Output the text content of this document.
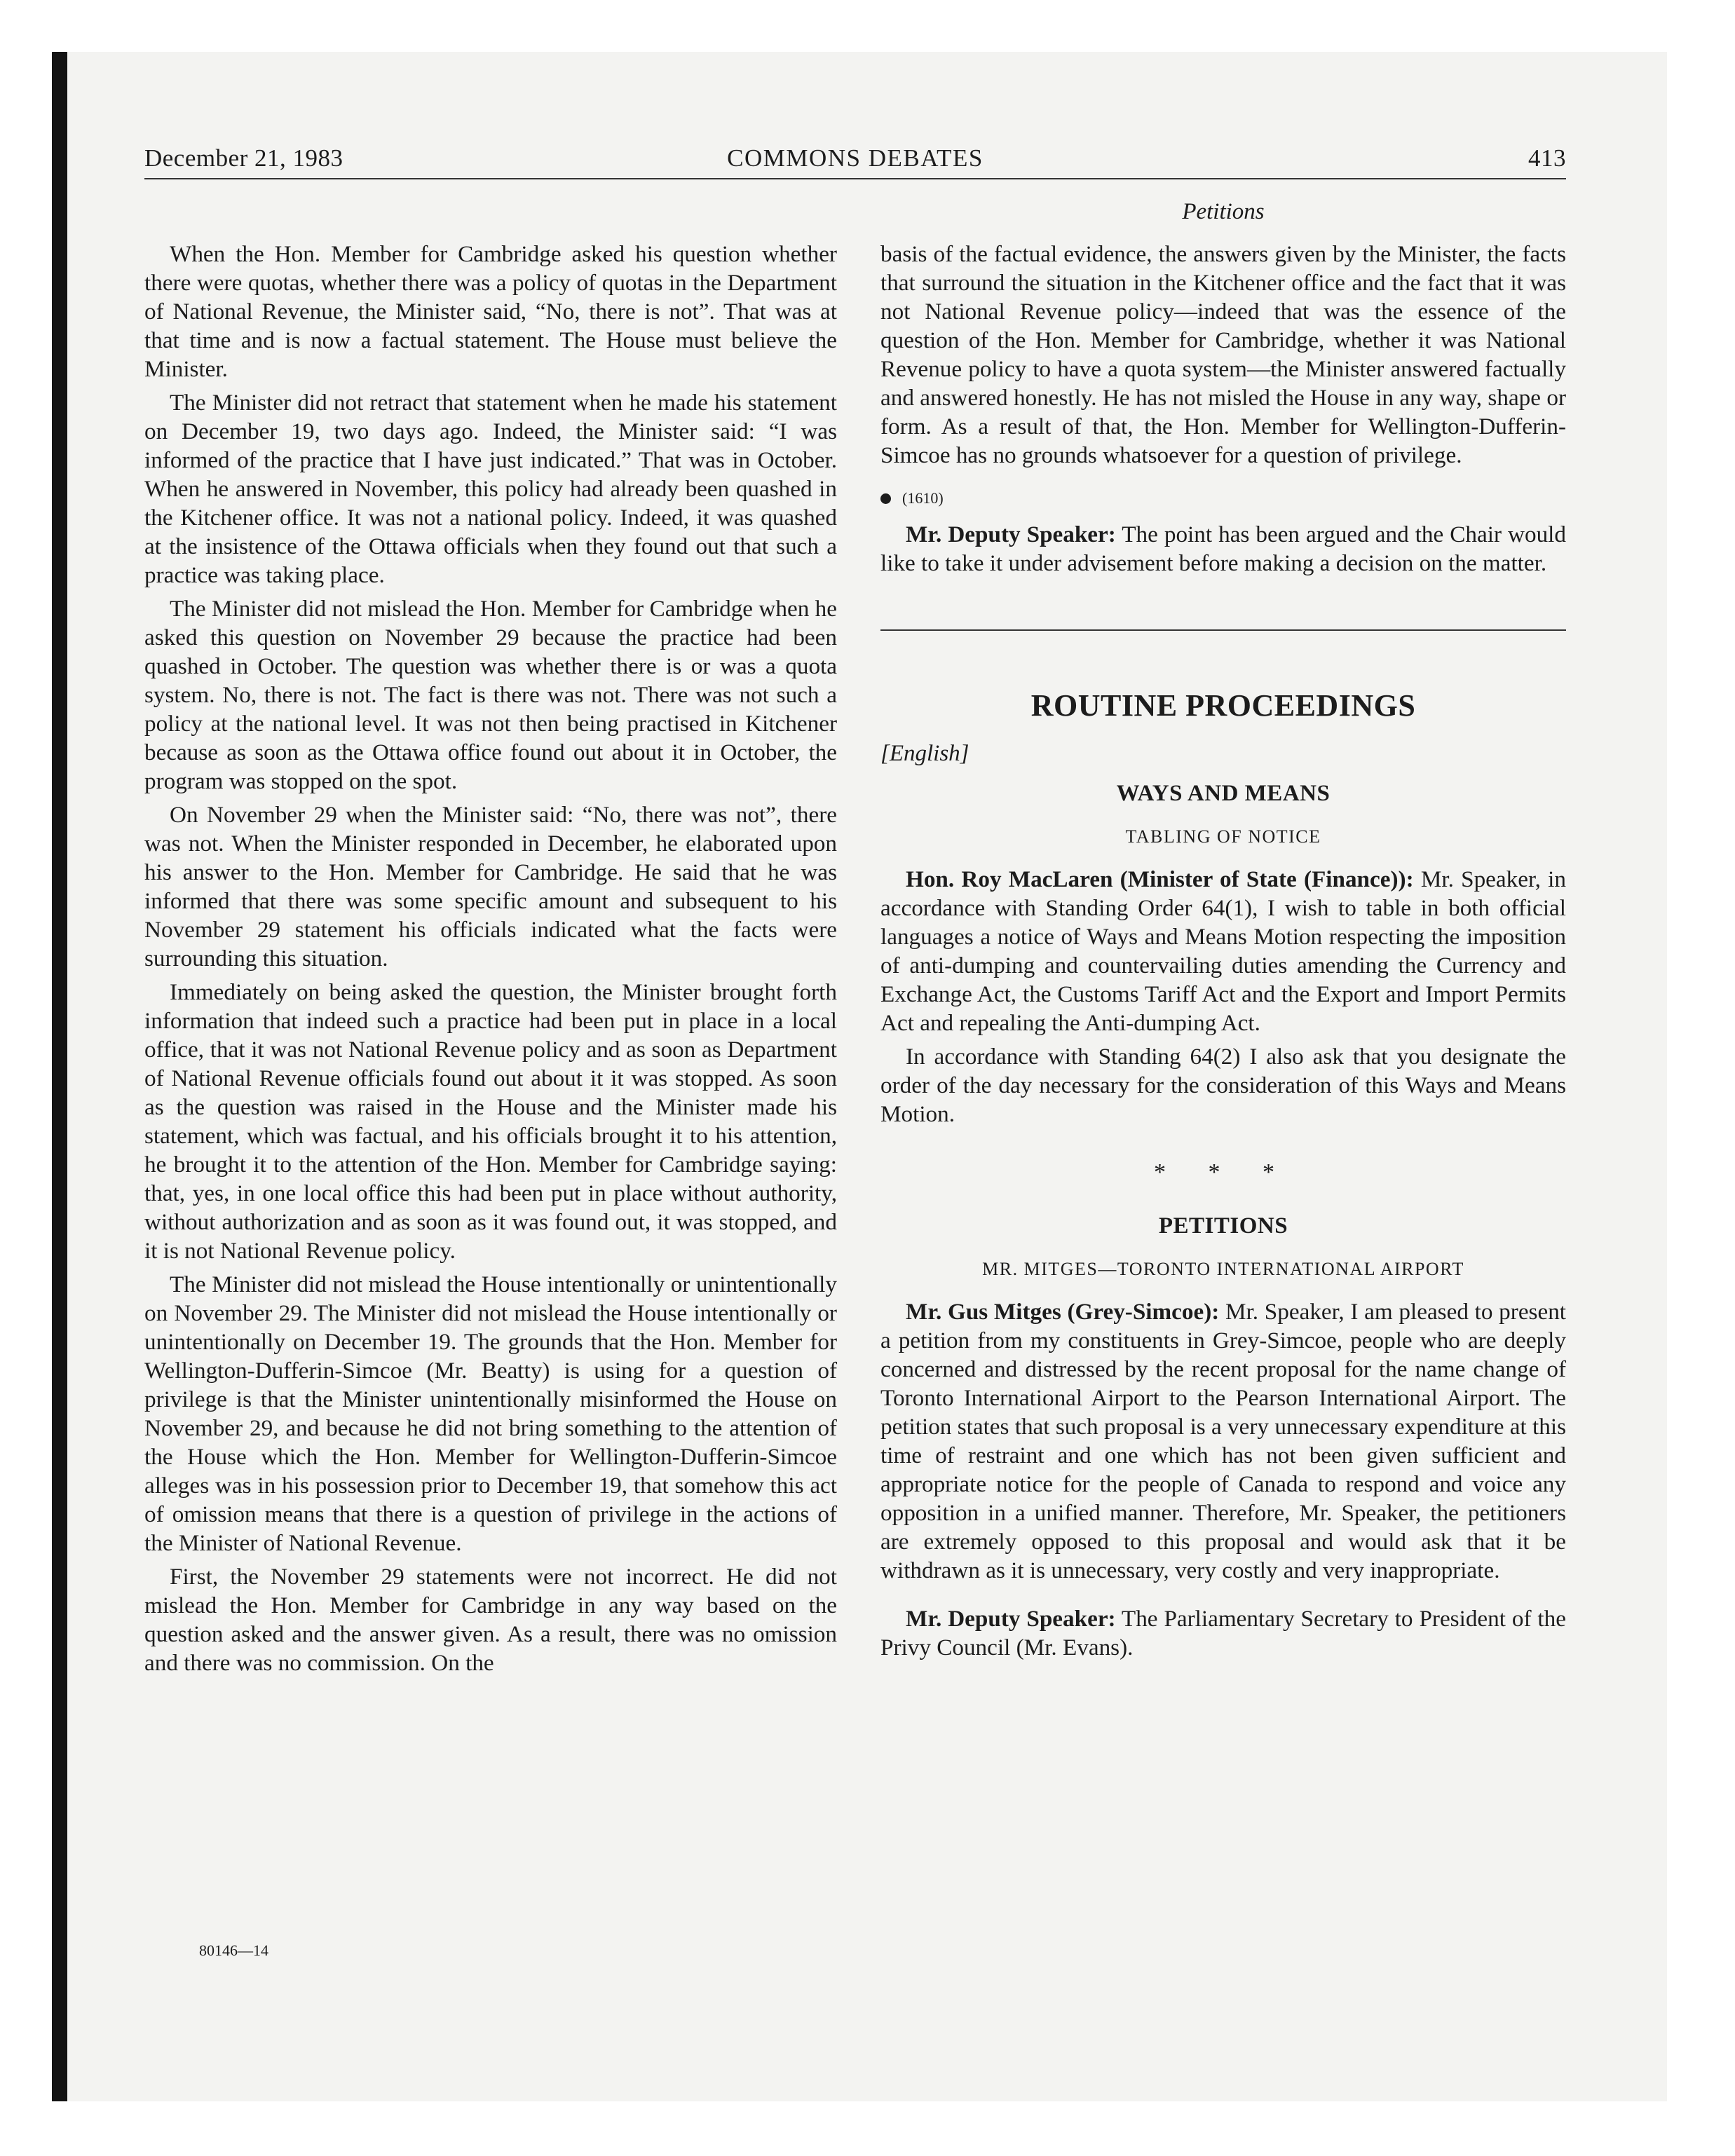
December 21, 1983	COMMONS DEBATES	413
Petitions

When the Hon. Member for Cambridge asked his question whether there were quotas, whether there was a policy of quotas in the Department of National Revenue, the Minister said, “No, there is not”. That was at that time and is now a factual statement. The House must believe the Minister.

The Minister did not retract that statement when he made his statement on December 19, two days ago. Indeed, the Minister said: “I was informed of the practice that I have just indicated.” That was in October. When he answered in November, this policy had already been quashed in the Kitchener office. It was not a national policy. Indeed, it was quashed at the insistence of the Ottawa officials when they found out that such a practice was taking place.

The Minister did not mislead the Hon. Member for Cambridge when he asked this question on November 29 because the practice had been quashed in October. The question was whether there is or was a quota system. No, there is not. The fact is there was not. There was not such a policy at the national level. It was not then being practised in Kitchener because as soon as the Ottawa office found out about it in October, the program was stopped on the spot.

On November 29 when the Minister said: “No, there was not”, there was not. When the Minister responded in December, he elaborated upon his answer to the Hon. Member for Cambridge. He said that he was informed that there was some specific amount and subsequent to his November 29 statement his officials indicated what the facts were surrounding this situation.

Immediately on being asked the question, the Minister brought forth information that indeed such a practice had been put in place in a local office, that it was not National Revenue policy and as soon as Department of National Revenue officials found out about it it was stopped. As soon as the question was raised in the House and the Minister made his statement, which was factual, and his officials brought it to his attention, he brought it to the attention of the Hon. Member for Cambridge saying: that, yes, in one local office this had been put in place without authority, without authorization and as soon as it was found out, it was stopped, and it is not National Revenue policy.

The Minister did not mislead the House intentionally or unintentionally on November 29. The Minister did not mislead the House intentionally or unintentionally on December 19. The grounds that the Hon. Member for Wellington-Dufferin-Simcoe (Mr. Beatty) is using for a question of privilege is that the Minister unintentionally misinformed the House on November 29, and because he did not bring something to the attention of the House which the Hon. Member for Wellington-Dufferin-Simcoe alleges was in his possession prior to December 19, that somehow this act of omission means that there is a question of privilege in the actions of the Minister of National Revenue.

First, the November 29 statements were not incorrect. He did not mislead the Hon. Member for Cambridge in any way based on the question asked and the answer given. As a result, there was no omission and there was no commission. On the

basis of the factual evidence, the answers given by the Minister, the facts that surround the situation in the Kitchener office and the fact that it was not National Revenue policy—indeed that was the essence of the question of the Hon. Member for Cambridge, whether it was National Revenue policy to have a quota system—the Minister answered factually and answered honestly. He has not misled the House in any way, shape or form. As a result of that, the Hon. Member for Wellington-Dufferin-Simcoe has no grounds whatsoever for a question of privilege.

(1610)

Mr. Deputy Speaker: The point has been argued and the Chair would like to take it under advisement before making a decision on the matter.

ROUTINE PROCEEDINGS
[English]
WAYS AND MEANS
TABLING OF NOTICE

Hon. Roy MacLaren (Minister of State (Finance)): Mr. Speaker, in accordance with Standing Order 64(1), I wish to table in both official languages a notice of Ways and Means Motion respecting the imposition of anti-dumping and countervailing duties amending the Currency and Exchange Act, the Customs Tariff Act and the Export and Import Permits Act and repealing the Anti-dumping Act.

In accordance with Standing 64(2) I also ask that you designate the order of the day necessary for the consideration of this Ways and Means Motion.

* * *
PETITIONS
MR. MITGES—TORONTO INTERNATIONAL AIRPORT

Mr. Gus Mitges (Grey-Simcoe): Mr. Speaker, I am pleased to present a petition from my constituents in Grey-Simcoe, people who are deeply concerned and distressed by the recent proposal for the name change of Toronto International Airport to the Pearson International Airport. The petition states that such proposal is a very unnecessary expenditure at this time of restraint and one which has not been given sufficient and appropriate notice for the people of Canada to respond and voice any opposition in a unified manner. Therefore, Mr. Speaker, the petitioners are extremely opposed to this proposal and would ask that it be withdrawn as it is unnecessary, very costly and very inappropriate.

Mr. Deputy Speaker: The Parliamentary Secretary to President of the Privy Council (Mr. Evans).

80146—14
